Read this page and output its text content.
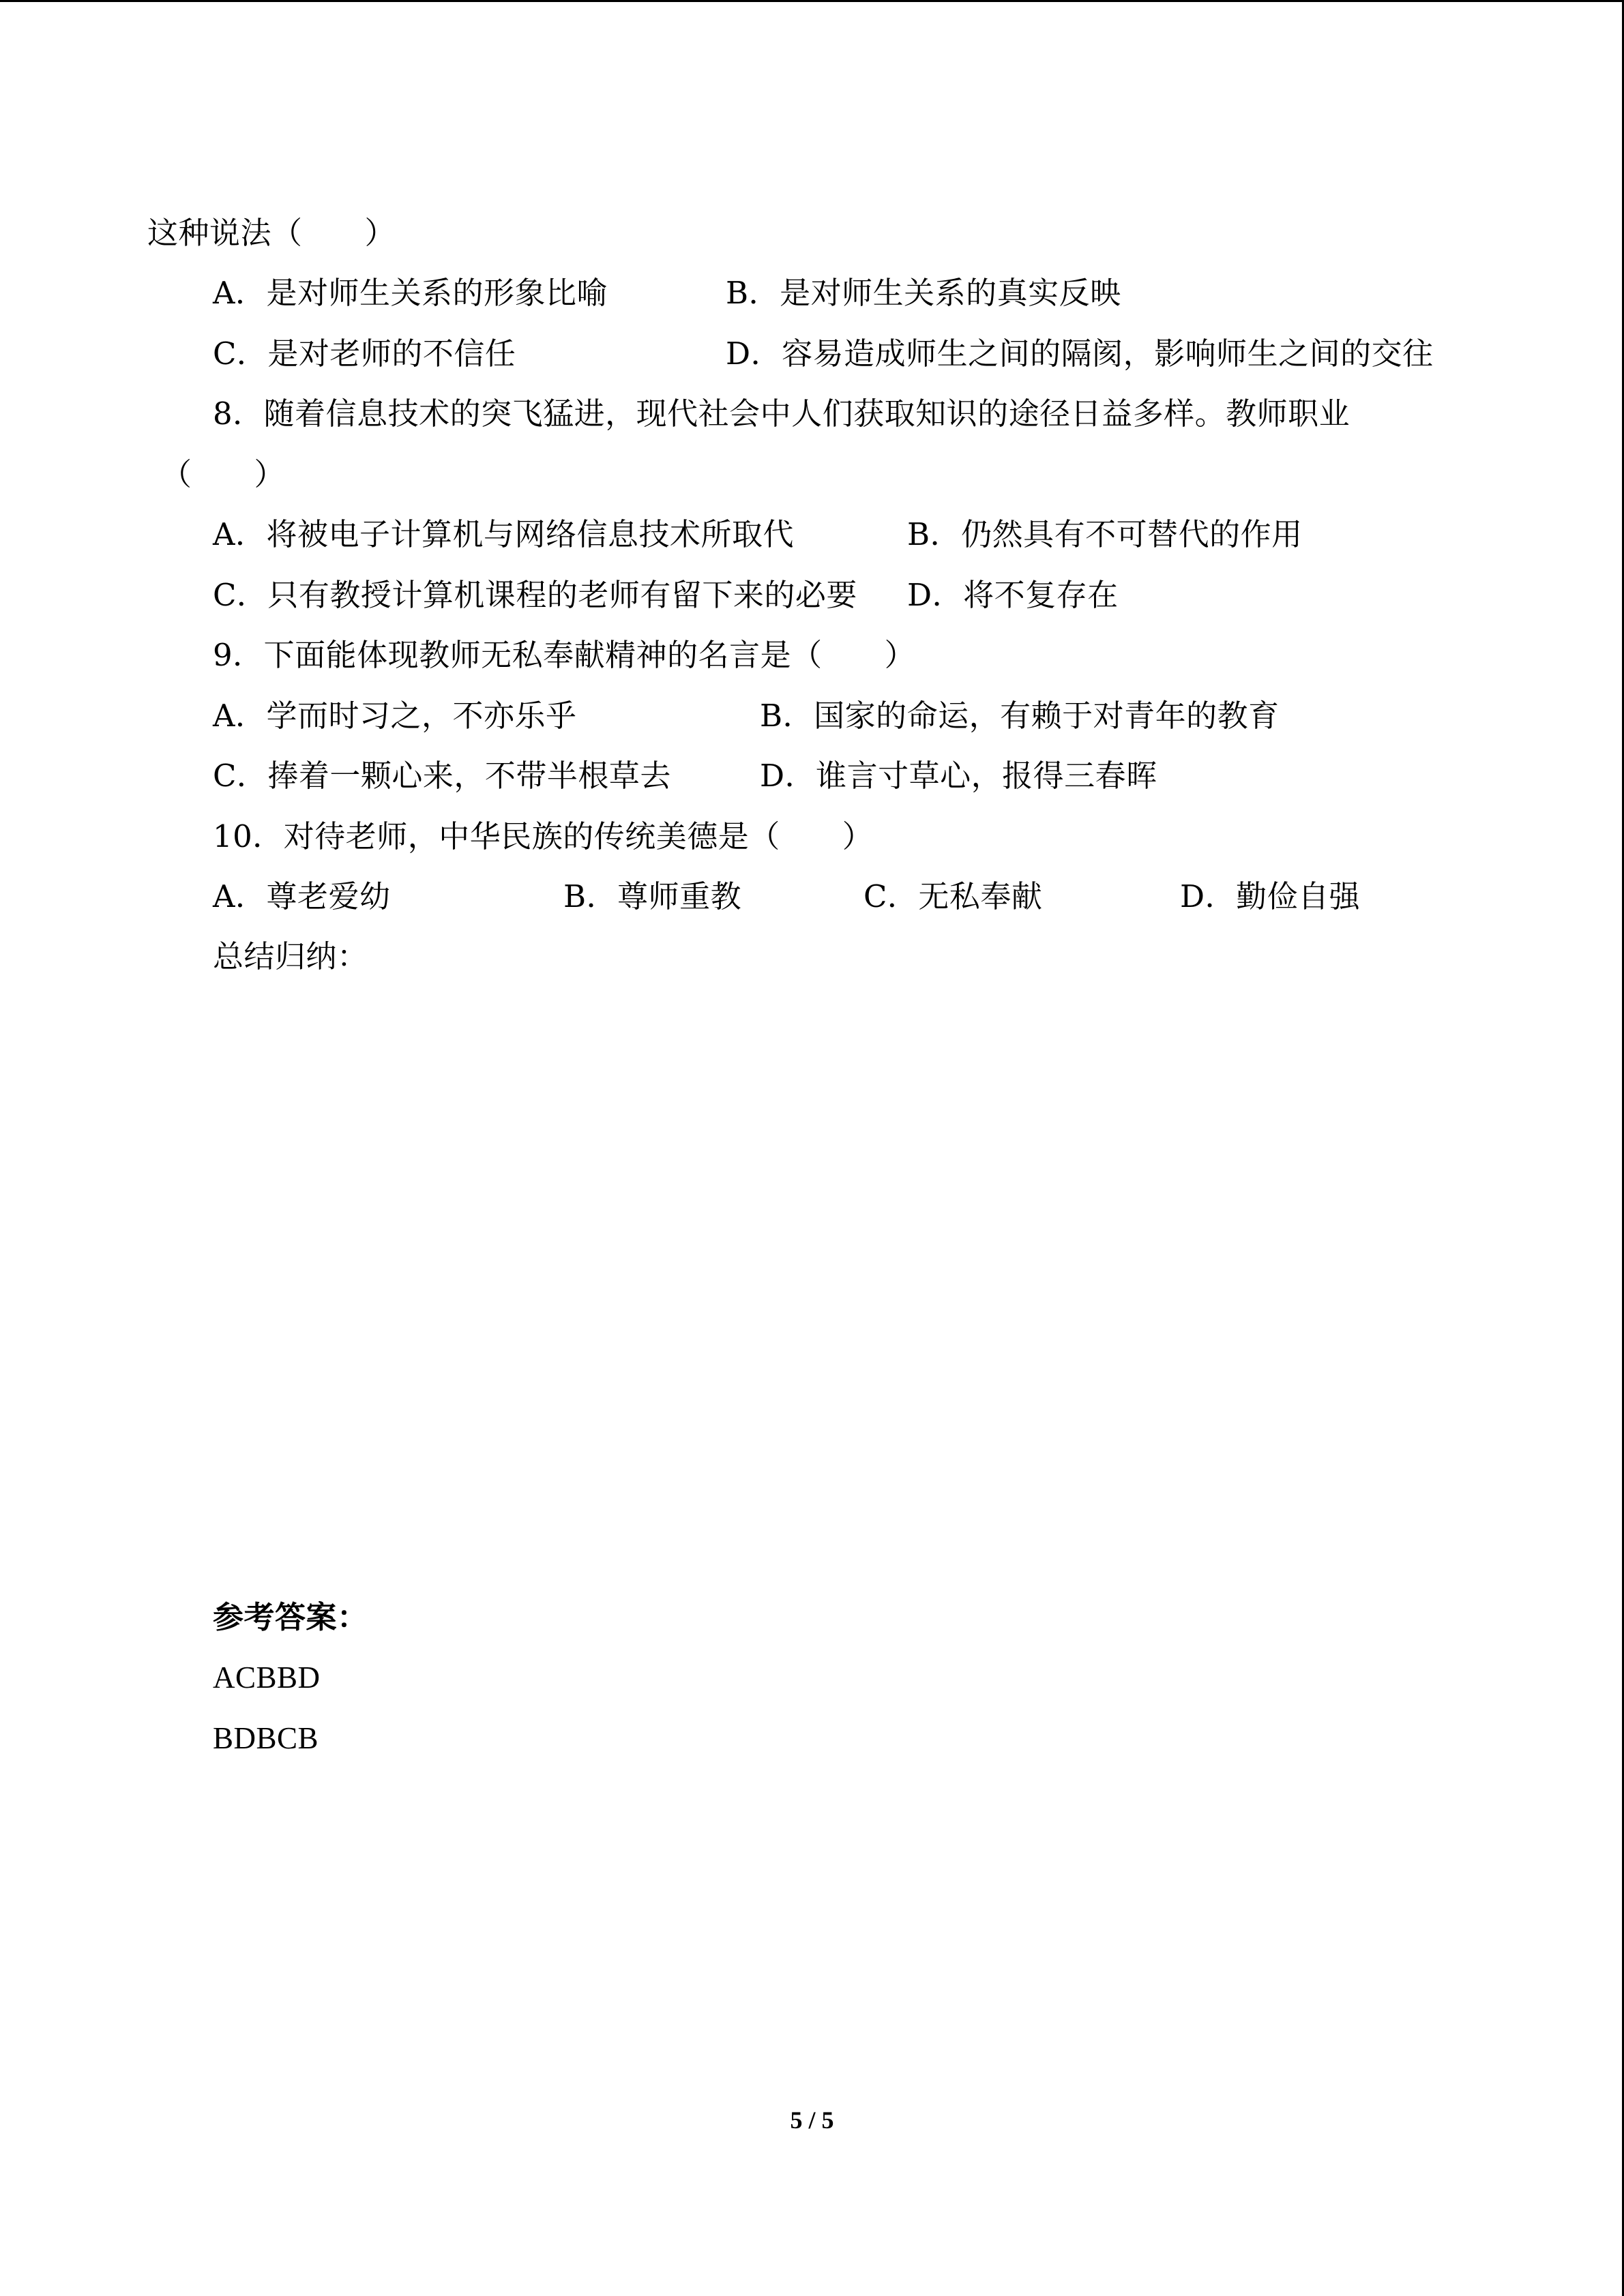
这种说法（　　）
A．是对师生关系的形象比喻	B．是对师生关系的真实反映
C．是对老师的不信任	D．容易造成师生之间的隔阂，影响师生之间的交往
8．随着信息技术的突飞猛进，现代社会中人们获取知识的途径日益多样。教师职业
（　　）
A．将被电子计算机与网络信息技术所取代	B．仍然具有不可替代的作用
C．只有教授计算机课程的老师有留下来的必要 D．将不复存在
9．下面能体现教师无私奉献精神的名言是（　　）
A．学而时习之，不亦乐乎	B．国家的命运，有赖于对青年的教育
C．捧着一颗心来，不带半根草去	D．谁言寸草心，报得三春晖
10．对待老师，中华民族的传统美德是（　　）
A．尊老爱幼	B．尊师重教	C．无私奉献	D．勤俭自强
总结归纳：
参考答案：
ACBBD
BDBCB
5 / 5
